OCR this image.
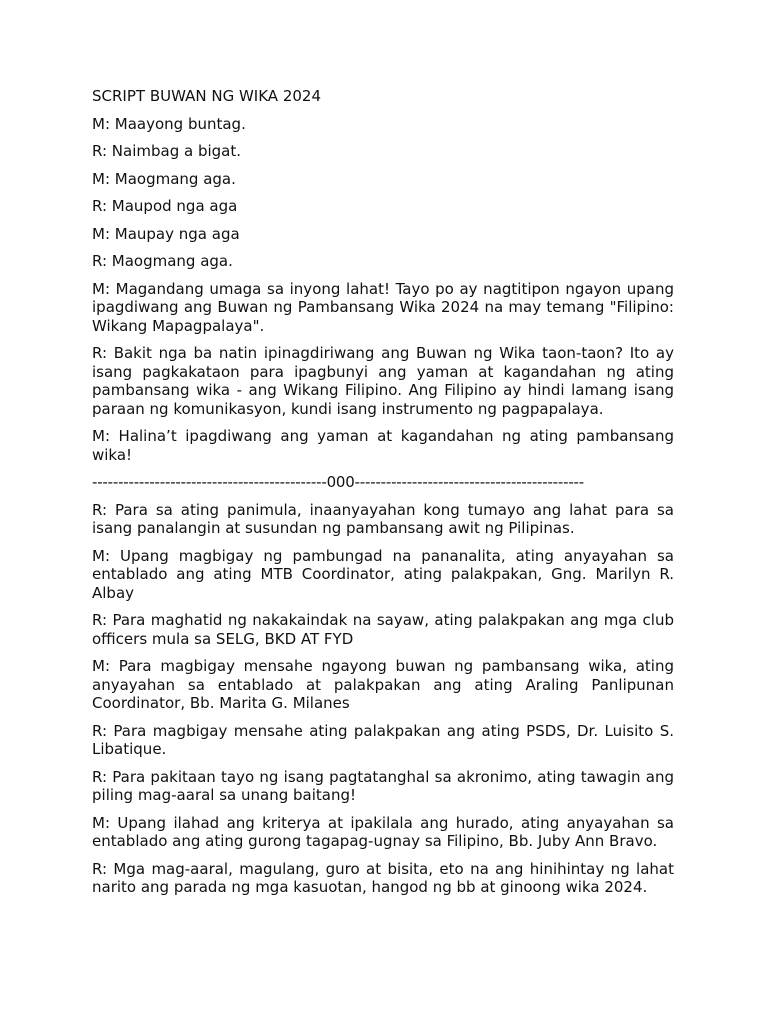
SCRIPT BUWAN NG WIKA 2024

M: Maayong buntag.

R: Naimbag a bigat.

M: Maogmang aga.

R: Maupod nga aga

M: Maupay nga aga

R: Maogmang aga.

M: Magandang umaga sa inyong lahat! Tayo po ay nagtitipon ngayon upang ipagdiwang ang Buwan ng Pambansang Wika 2024 na may temang "Filipino: Wikang Mapagpalaya".

R: Bakit nga ba natin ipinagdiriwang ang Buwan ng Wika taon-taon? Ito ay isang pagkakataon para ipagbunyi ang yaman at kagandahan ng ating pambansang wika - ang Wikang Filipino. Ang Filipino ay hindi lamang isang paraan ng komunikasyon, kundi isang instrumento ng pagpapalaya.

M: Halina’t ipagdiwang ang yaman at kagandahan ng ating pambansang wika!

---------------------------------------------000--------------------------------------------

R: Para sa ating panimula, inaanyayahan kong tumayo ang lahat para sa isang panalangin at susundan ng pambansang awit ng Pilipinas.

M: Upang magbigay ng pambungad na pananalita, ating anyayahan sa entablado ang ating MTB Coordinator, ating palakpakan, Gng. Marilyn R. Albay

R: Para maghatid ng nakakaindak na sayaw, ating palakpakan ang mga club officers mula sa SELG, BKD AT FYD

M: Para magbigay mensahe ngayong buwan ng pambansang wika, ating anyayahan sa entablado at palakpakan ang ating Araling Panlipunan Coordinator, Bb. Marita G. Milanes

R: Para magbigay mensahe ating palakpakan ang ating PSDS, Dr. Luisito S. Libatique.

R: Para pakitaan tayo ng isang pagtatanghal sa akronimo, ating tawagin ang piling mag-aaral sa unang baitang!

M: Upang ilahad ang kriterya at ipakilala ang hurado, ating anyayahan sa entablado ang ating gurong tagapag-ugnay sa Filipino, Bb. Juby Ann Bravo.

R: Mga mag-aaral, magulang, guro at bisita, eto na ang hinihintay ng lahat narito ang parada ng mga kasuotan, hangod ng bb at ginoong wika 2024.
